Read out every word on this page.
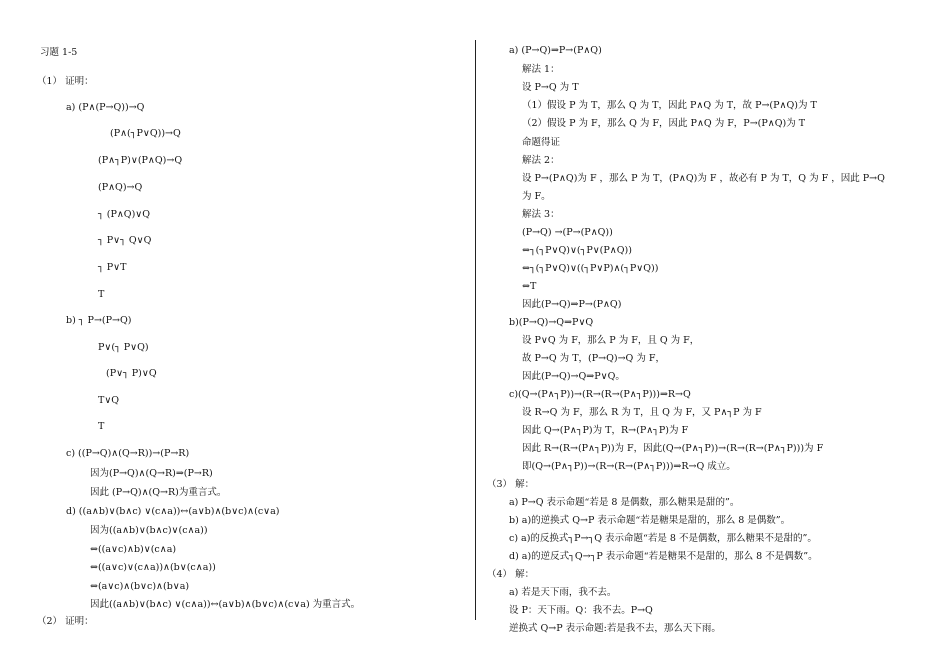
习题 1-5
（1） 证明：
a) (P∧(P→Q))→Q
(P∧(┐P∨Q))→Q
(P∧┐P)∨(P∧Q)→Q
(P∧Q)→Q
┐ (P∧Q)∨Q
┐ P∨┐ Q∨Q
┐ P∨T
T
b) ┐ P→(P→Q)
P∨(┐ P∨Q)
(P∨┐ P)∨Q
T∨Q
T
c) ((P→Q)∧(Q→R))→(P→R)
因为(P→Q)∧(Q→R)⇒(P→R)
因此 (P→Q)∧(Q→R)为重言式。
d) ((a∧b)∨(b∧c) ∨(c∧a))↔(a∨b)∧(b∨c)∧(c∨a)
因为((a∧b)∨(b∧c)∨(c∧a))
⇔((a∨c)∧b)∨(c∧a)
⇔((a∨c)∨(c∧a))∧(b∨(c∧a))
⇔(a∨c)∧(b∨c)∧(b∨a)
因此((a∧b)∨(b∧c) ∨(c∧a))↔(a∨b)∧(b∨c)∧(c∨a) 为重言式。
（2） 证明：
a) (P→Q)⇒P→(P∧Q)
解法 1：
设 P→Q 为 T
（1）假设 P 为 T，那么 Q 为 T，因此 P∧Q 为 T，故 P→(P∧Q)为 T
（2）假设 P 为 F，那么 Q 为 F，因此 P∧Q 为 F，P→(P∧Q)为 T
命题得证
解法 2：
设 P→(P∧Q)为 F ，那么 P 为 T，(P∧Q)为 F ，故必有 P 为 T，Q 为 F ，因此 P→Q
为 F。
解法 3：
(P→Q) →(P→(P∧Q))
⇔┐(┐P∨Q)∨(┐P∨(P∧Q))
⇔┐(┐P∨Q)∨((┐P∨P)∧(┐P∨Q))
⇔T
因此(P→Q)⇒P→(P∧Q)
b)(P→Q)→Q⇒P∨Q
设 P∨Q 为 F，那么 P 为 F，且 Q 为 F，
故 P→Q 为 T，(P→Q)→Q 为 F，
因此(P→Q)→Q⇒P∨Q。
c)(Q→(P∧┐P))→(R→(R→(P∧┐P)))⇒R→Q
设 R→Q 为 F，那么 R 为 T，且 Q 为 F，又 P∧┐P 为 F
因此 Q→(P∧┐P)为 T，R→(P∧┐P)为 F
因此 R→(R→(P∧┐P))为 F，因此(Q→(P∧┐P))→(R→(R→(P∧┐P)))为 F
即(Q→(P∧┐P))→(R→(R→(P∧┐P)))⇒R→Q 成立。
（3） 解：
a) P→Q 表示命题“若是 8 是偶数，那么糖果是甜的”。
b) a)的逆换式 Q→P 表示命题“若是糖果是甜的，那么 8 是偶数”。
c) a)的反换式┐P→┐Q 表示命题“若是 8 不是偶数，那么糖果不是甜的”。
d) a)的逆反式┐Q→┐P 表示命题“若是糖果不是甜的，那么 8 不是偶数”。
（4） 解：
a) 若是天下雨，我不去。
设 P：天下雨。Q：我不去。P→Q
逆换式 Q→P 表示命题:若是我不去，那么天下雨。
